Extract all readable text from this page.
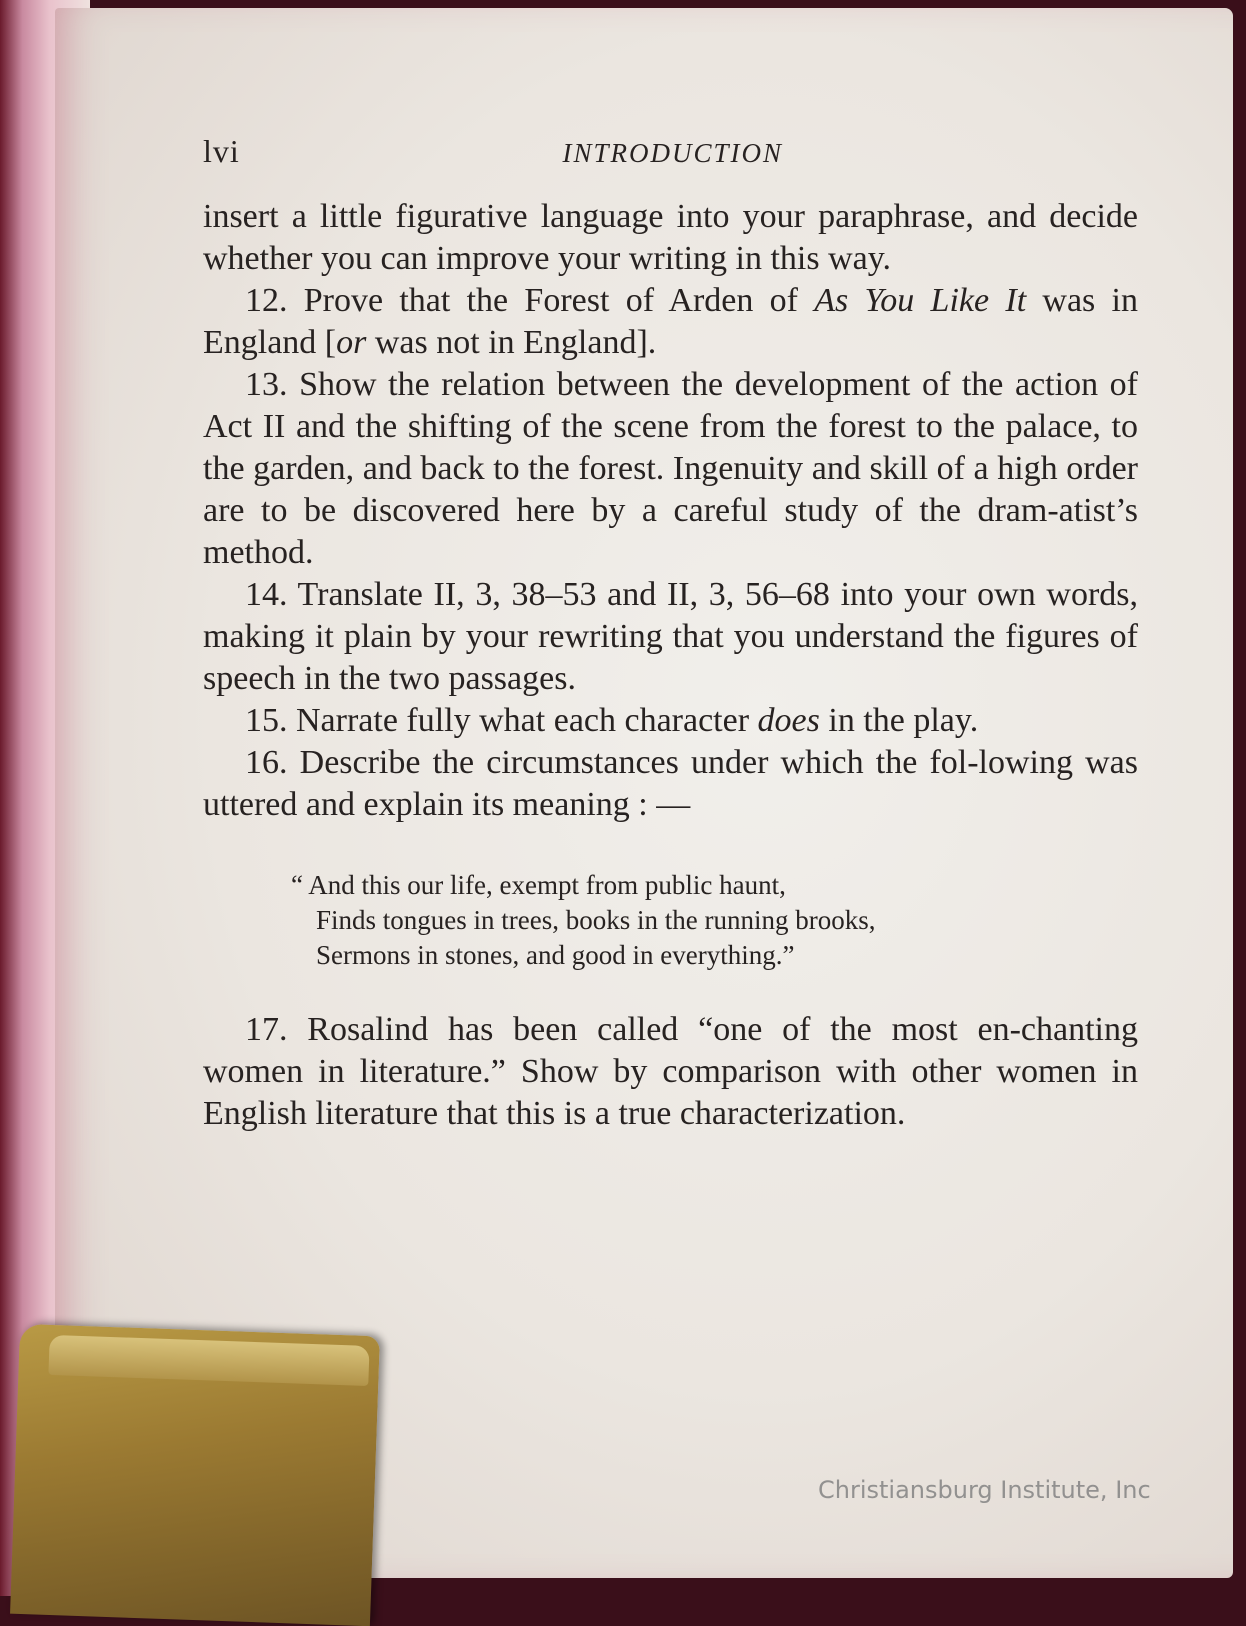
lvi	INTRODUCTION

insert a little figurative language into your paraphrase, and decide whether you can improve your writing in this way.

12. Prove that the Forest of Arden of As You Like It was in England [or was not in England].

13. Show the relation between the development of the action of Act II and the shifting of the scene from the forest to the palace, to the garden, and back to the forest. Ingenuity and skill of a high order are to be discovered here by a careful study of the dram-atist’s method.

14. Translate II, 3, 38–53 and II, 3, 56–68 into your own words, making it plain by your rewriting that you understand the figures of speech in the two passages.

15. Narrate fully what each character does in the play.

16. Describe the circumstances under which the fol-lowing was uttered and explain its meaning : —

“ And this our life, exempt from public haunt,
Finds tongues in trees, books in the running brooks,
Sermons in stones, and good in everything.”

17. Rosalind has been called “one of the most en-chanting women in literature.” Show by comparison with other women in English literature that this is a true characterization.

Christiansburg Institute, Inc
